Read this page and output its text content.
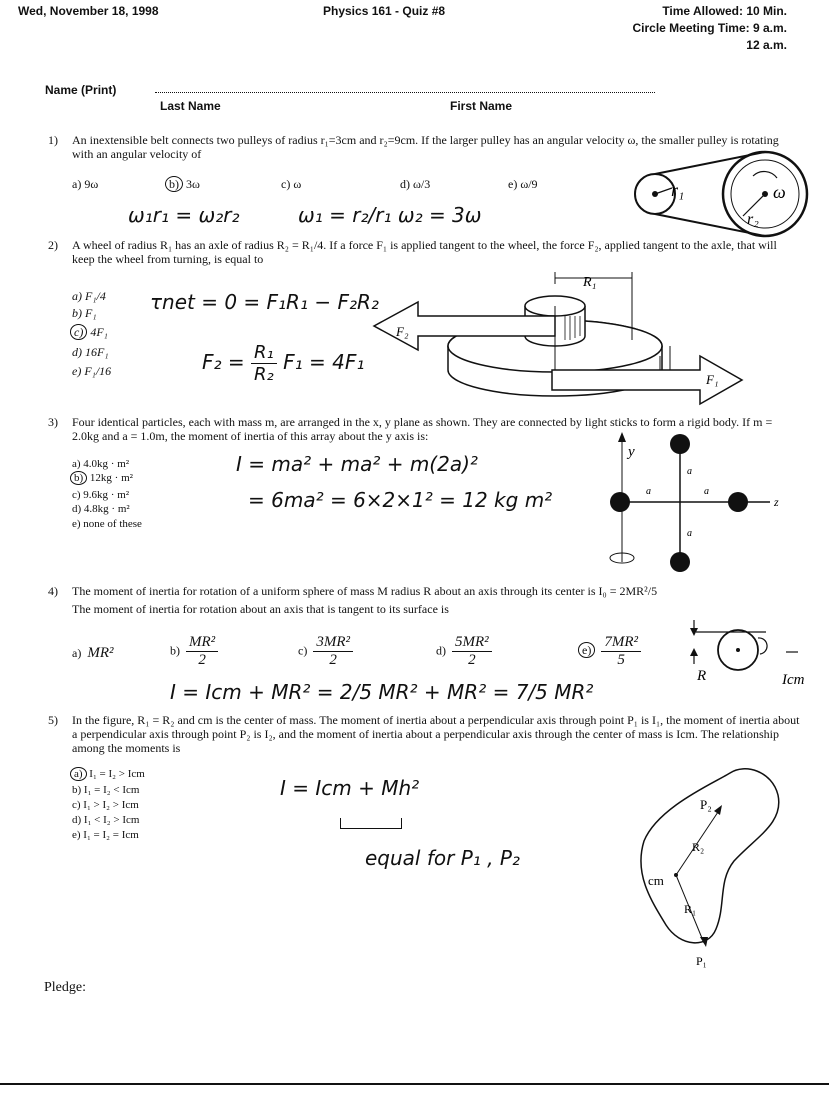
Wed, November 18, 1998	Physics 161 - Quiz #8	Time Allowed: 10 Min.
Circle Meeting Time: 9 a.m.
12 a.m.
Name (Print)
Last Name	First Name
1) An inextensible belt connects two pulleys of radius r₁=3cm and r₂=9cm. If the larger pulley has an angular velocity ω, the smaller pulley is rotating with an angular velocity of
a) 9ω	b) 3ω	c) ω	d) ω/3	e) ω/9
ω₁r₁ = ω₂r₂	ω₁ = r₂/r₁ ω₂ = 3ω
r₁	ω
r₂
2) A wheel of radius R₁ has an axle of radius R₂ = R₁/4. If a force F₁ is applied tangent to the wheel, the force F₂, applied tangent to the axle, that will keep the wheel from turning, is equal to
a) F₁/4
b) F₁
c) 4F₁
d) 16F₁
e) F₁/16
τnet = 0 = F₁R₁ − F₂R₂
$F_2 = \frac{\text{R₁}}{\text{R₂}} F_1 = 4F_1$
R₁
F₂
F₁
3) Four identical particles, each with mass m, are arranged in the x, y plane as shown. They are connected by light sticks to form a rigid body. If m = 2.0kg and a = 1.0m, the moment of inertia of this array about the y axis is:
a) 4.0kg · m²
b) 12kg · m²
c) 9.6kg · m²
d) 4.8kg · m²
e) none of these
I = ma² + ma² + m(2a)²
= 6ma² = 6×2×1² = 12 kg m²
y
z
a
a	a
a
4) The moment of inertia for rotation of a uniform sphere of mass M radius R about an axis through its center is I₀ = 2MR²/5
The moment of inertia for rotation about an axis that is tangent to its surface is
a) MR²	$b) \frac{\text{MR²}}{2}$	$c) \frac{\text{3MR²}}{2}$	$d) \frac{\text{5MR²}}{2}$	$e) \frac{\text{7MR²}}{5}$
I = Icm + MR² = 2/5 MR² + MR² = 7/5 MR²
R	Icm
5) In the figure, R₁ = R₂ and cm is the center of mass. The moment of inertia about a perpendicular axis through point P₁ is I₁, the moment of inertia about a perpendicular axis through point P₂ is I₂, and the moment of inertia about a perpendicular axis through the center of mass is Icm. The relationship among the moments is
a) I₁ = I₂ > Icm
b) I₁ = I₂ < Icm
c) I₁ > I₂ > Icm
d) I₁ < I₂ > Icm
e) I₁ = I₂ = Icm
I = Icm + Mh²
equal for P₁ , P₂
P₂
R₂
cm
R₁
P₁
Pledge:
